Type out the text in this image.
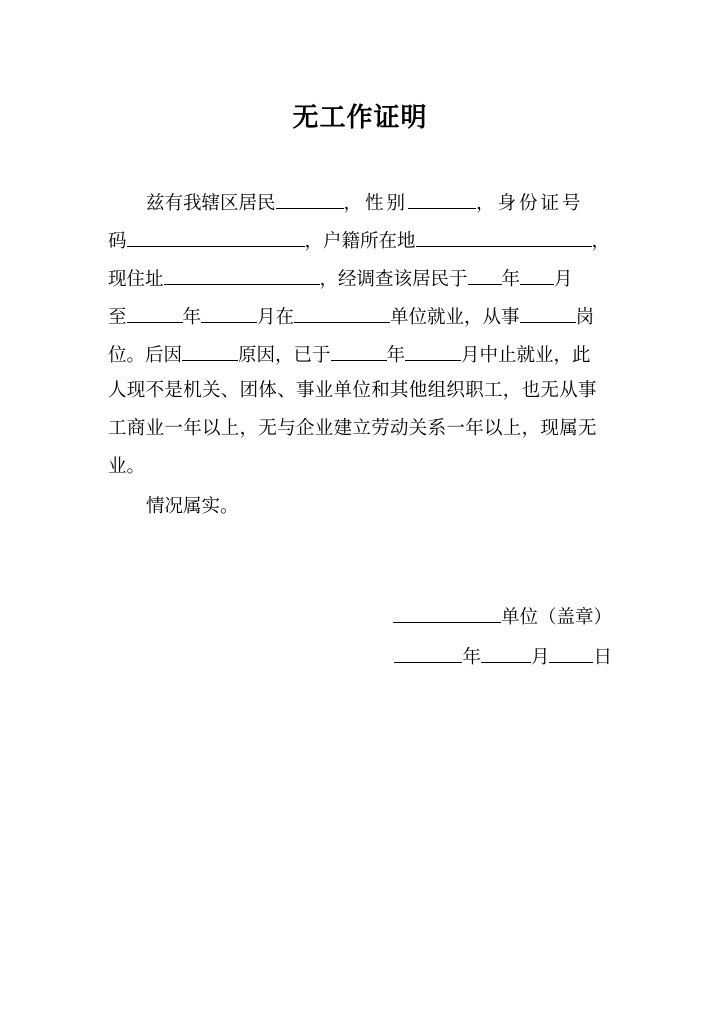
无工作证明
兹有我辖区居民	，性别	，身份证号
码	，户籍所在地	，
现住址	，经调查该居民于 年 月
至	年	月在	单位就业，从事	岗
位。后因	原因，已于	年	月中止就业，此
人现不是机关、团体、事业单位和其他组织职工，也无从事
工商业一年以上，无与企业建立劳动关系一年以上，现属无
业。
情况属实。
单位（盖章）
年	月 日
